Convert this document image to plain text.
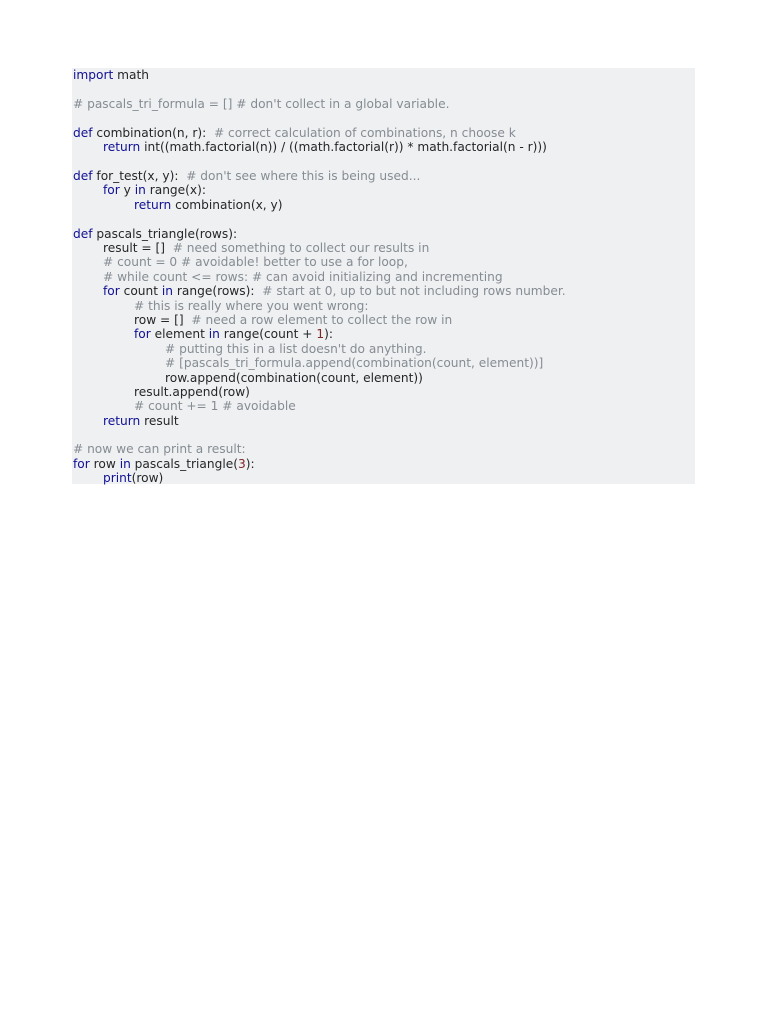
import math
# pascals_tri_formula = [] # don't collect in a global variable.
def combination(n, r):  # correct calculation of combinations, n choose k
return int((math.factorial(n)) / ((math.factorial(r)) * math.factorial(n - r)))
def for_test(x, y):  # don't see where this is being used...
for y in range(x):
return combination(x, y)
def pascals_triangle(rows):
result = []  # need something to collect our results in
# count = 0 # avoidable! better to use a for loop,
# while count <= rows: # can avoid initializing and incrementing
for count in range(rows):  # start at 0, up to but not including rows number.
# this is really where you went wrong:
row = []  # need a row element to collect the row in
for element in range(count + 1):
# putting this in a list doesn't do anything.
# [pascals_tri_formula.append(combination(count, element))]
row.append(combination(count, element))
result.append(row)
# count += 1 # avoidable
return result
# now we can print a result:
for row in pascals_triangle(3):
print(row)
